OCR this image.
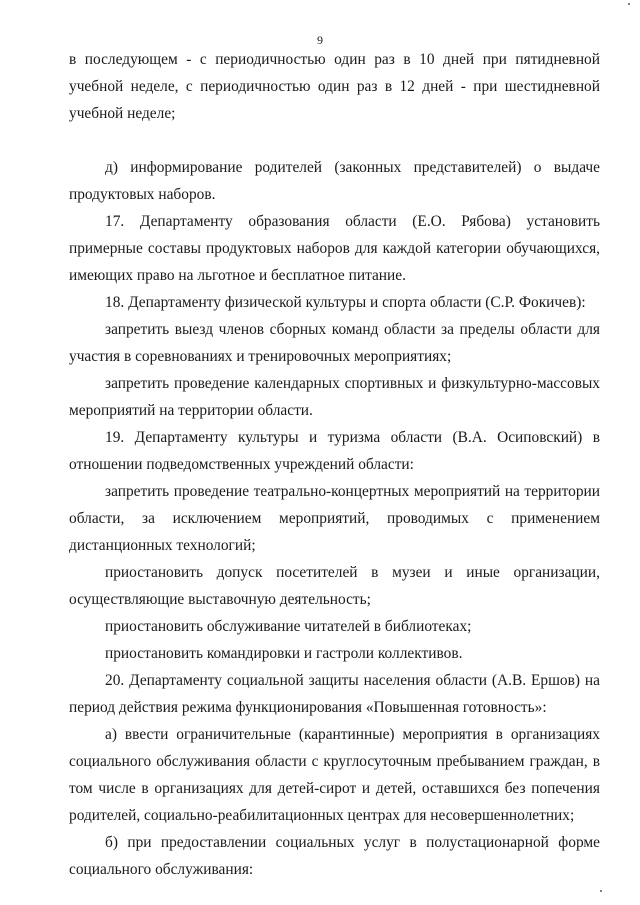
9
в последующем - с периодичностью один раз в 10 дней при пятидневной
учебной неделе, с периодичностью один раз в 12 дней - при шестидневной
учебной неделе;
д) информирование родителей (законных представителей) о выдаче
продуктовых наборов.
17. Департаменту образования области (Е.О. Рябова) установить
примерные составы продуктовых наборов для каждой категории обучающихся,
имеющих право на льготное и бесплатное питание.
18. Департаменту физической культуры и спорта области (С.Р. Фокичев):
запретить выезд членов сборных команд области за пределы области для
участия в соревнованиях и тренировочных мероприятиях;
запретить проведение календарных спортивных и физкультурно-массовых
мероприятий на территории области.
19. Департаменту культуры и туризма области (В.А. Осиповский) в
отношении подведомственных учреждений области:
запретить проведение театрально-концертных мероприятий на территории
области, за исключением мероприятий, проводимых с применением
дистанционных технологий;
приостановить допуск посетителей в музеи и иные организации,
осуществляющие выставочную деятельность;
приостановить обслуживание читателей в библиотеках;
приостановить командировки и гастроли коллективов.
20. Департаменту социальной защиты населения области (А.В. Ершов) на
период действия режима функционирования «Повышенная готовность»:
а) ввести ограничительные (карантинные) мероприятия в организациях
социального обслуживания области с круглосуточным пребыванием граждан, в
том числе в организациях для детей-сирот и детей, оставшихся без попечения
родителей, социально-реабилитационных центрах для несовершеннолетних;
б) при предоставлении социальных услуг в полустационарной форме
социального обслуживания:
